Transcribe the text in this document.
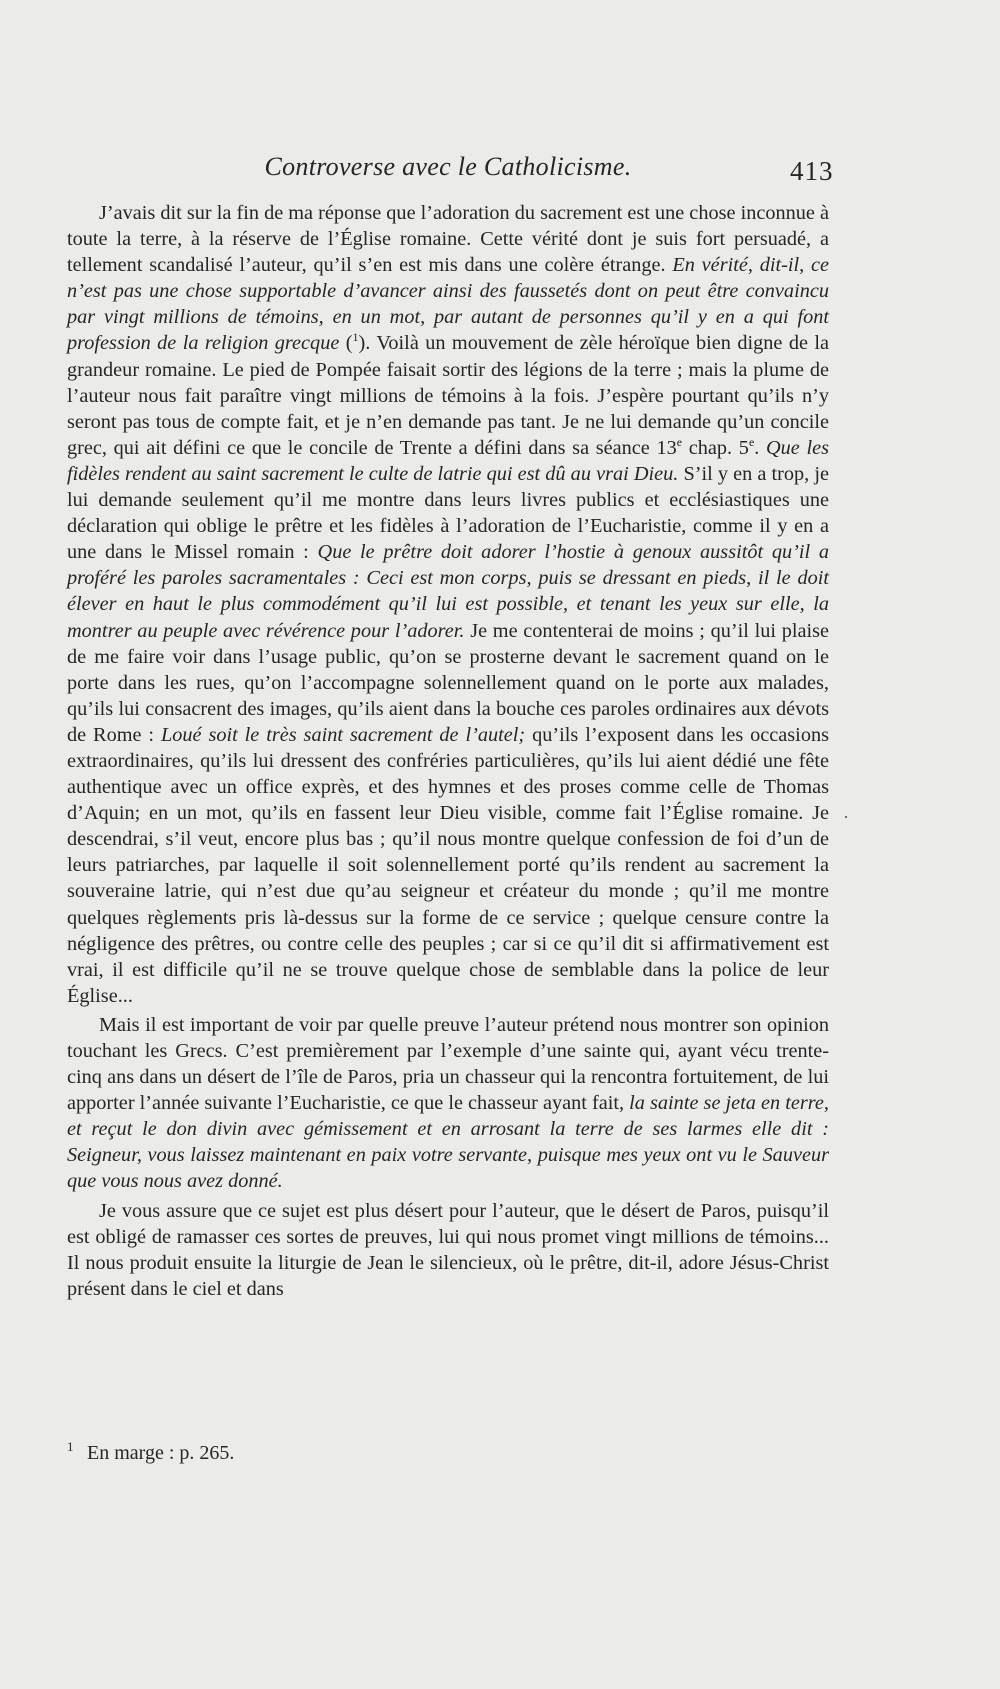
Controverse avec le Catholicisme.	413

J’avais dit sur la fin de ma réponse que l’adoration du sacrement est une chose inconnue à toute la terre, à la réserve de l’Église romaine. Cette vérité dont je suis fort persuadé, a tellement scandalisé l’auteur, qu’il s’en est mis dans une colère étrange. En vérité, dit-il, ce n’est pas une chose supportable d’avancer ainsi des faussetés dont on peut être convaincu par vingt millions de témoins, en un mot, par autant de personnes qu’il y en a qui font profession de la religion grecque ($^1$). Voilà un mouvement de zèle héroïque bien digne de la grandeur romaine. Le pied de Pompée faisait sortir des légions de la terre ; mais la plume de l’auteur nous fait paraître vingt millions de témoins à la fois. J’espère pourtant qu’ils n’y seront pas tous de compte fait, et je n’en demande pas tant. Je ne lui demande qu’un concile grec, qui ait défini ce que le concile de Trente a défini dans sa séance 13e chap. 5e. Que les fidèles rendent au saint sacrement le culte de latrie qui est dû au vrai Dieu. S’il y en a trop, je lui demande seulement qu’il me montre dans leurs livres publics et ecclésiastiques une déclaration qui oblige le prêtre et les fidèles à l’adoration de l’Eucharistie, comme il y en a une dans le Missel romain : Que le prêtre doit adorer l’hostie à genoux aussitôt qu’il a proféré les paroles sacramentales : Ceci est mon corps, puis se dressant en pieds, il le doit élever en haut le plus commodément qu’il lui est possible, et tenant les yeux sur elle, la montrer au peuple avec révérence pour l’adorer. Je me contenterai de moins ; qu’il lui plaise de me faire voir dans l’usage public, qu’on se prosterne devant le sacrement quand on le porte dans les rues, qu’on l’accompagne solennellement quand on le porte aux malades, qu’ils lui consacrent des images, qu’ils aient dans la bouche ces paroles ordinaires aux dévots de Rome : Loué soit le très saint sacrement de l’autel; qu’ils l’exposent dans les occasions extraordinaires, qu’ils lui dressent des confréries particulières, qu’ils lui aient dédié une fête authentique avec un office exprès, et des hymnes et des proses comme celle de Thomas d’Aquin; en un mot, qu’ils en fassent leur Dieu visible, comme fait l’Église romaine. Je descendrai, s’il veut, encore plus bas ; qu’il nous montre quelque confession de foi d’un de leurs patriarches, par laquelle il soit solennellement porté qu’ils rendent au sacrement la souveraine latrie, qui n’est due qu’au seigneur et créateur du monde ; qu’il me montre quelques règlements pris là-dessus sur la forme de ce service ; quelque censure contre la négligence des prêtres, ou contre celle des peuples ; car si ce qu’il dit si affirmativement est vrai, il est difficile qu’il ne se trouve quelque chose de semblable dans la police de leur Église...

Mais il est important de voir par quelle preuve l’auteur prétend nous montrer son opinion touchant les Grecs. C’est premièrement par l’exemple d’une sainte qui, ayant vécu trente-cinq ans dans un désert de l’île de Paros, pria un chasseur qui la rencontra fortuitement, de lui apporter l’année suivante l’Eucharistie, ce que le chasseur ayant fait, la sainte se jeta en terre, et reçut le don divin avec gémissement et en arrosant la terre de ses larmes elle dit : Seigneur, vous laissez maintenant en paix votre servante, puisque mes yeux ont vu le Sauveur que vous nous avez donné.

Je vous assure que ce sujet est plus désert pour l’auteur, que le désert de Paros, puisqu’il est obligé de ramasser ces sortes de preuves, lui qui nous promet vingt millions de témoins... Il nous produit ensuite la liturgie de Jean le silencieux, où le prêtre, dit-il, adore Jésus-Christ présent dans le ciel et dans

·
1 En marge : p. 265.
